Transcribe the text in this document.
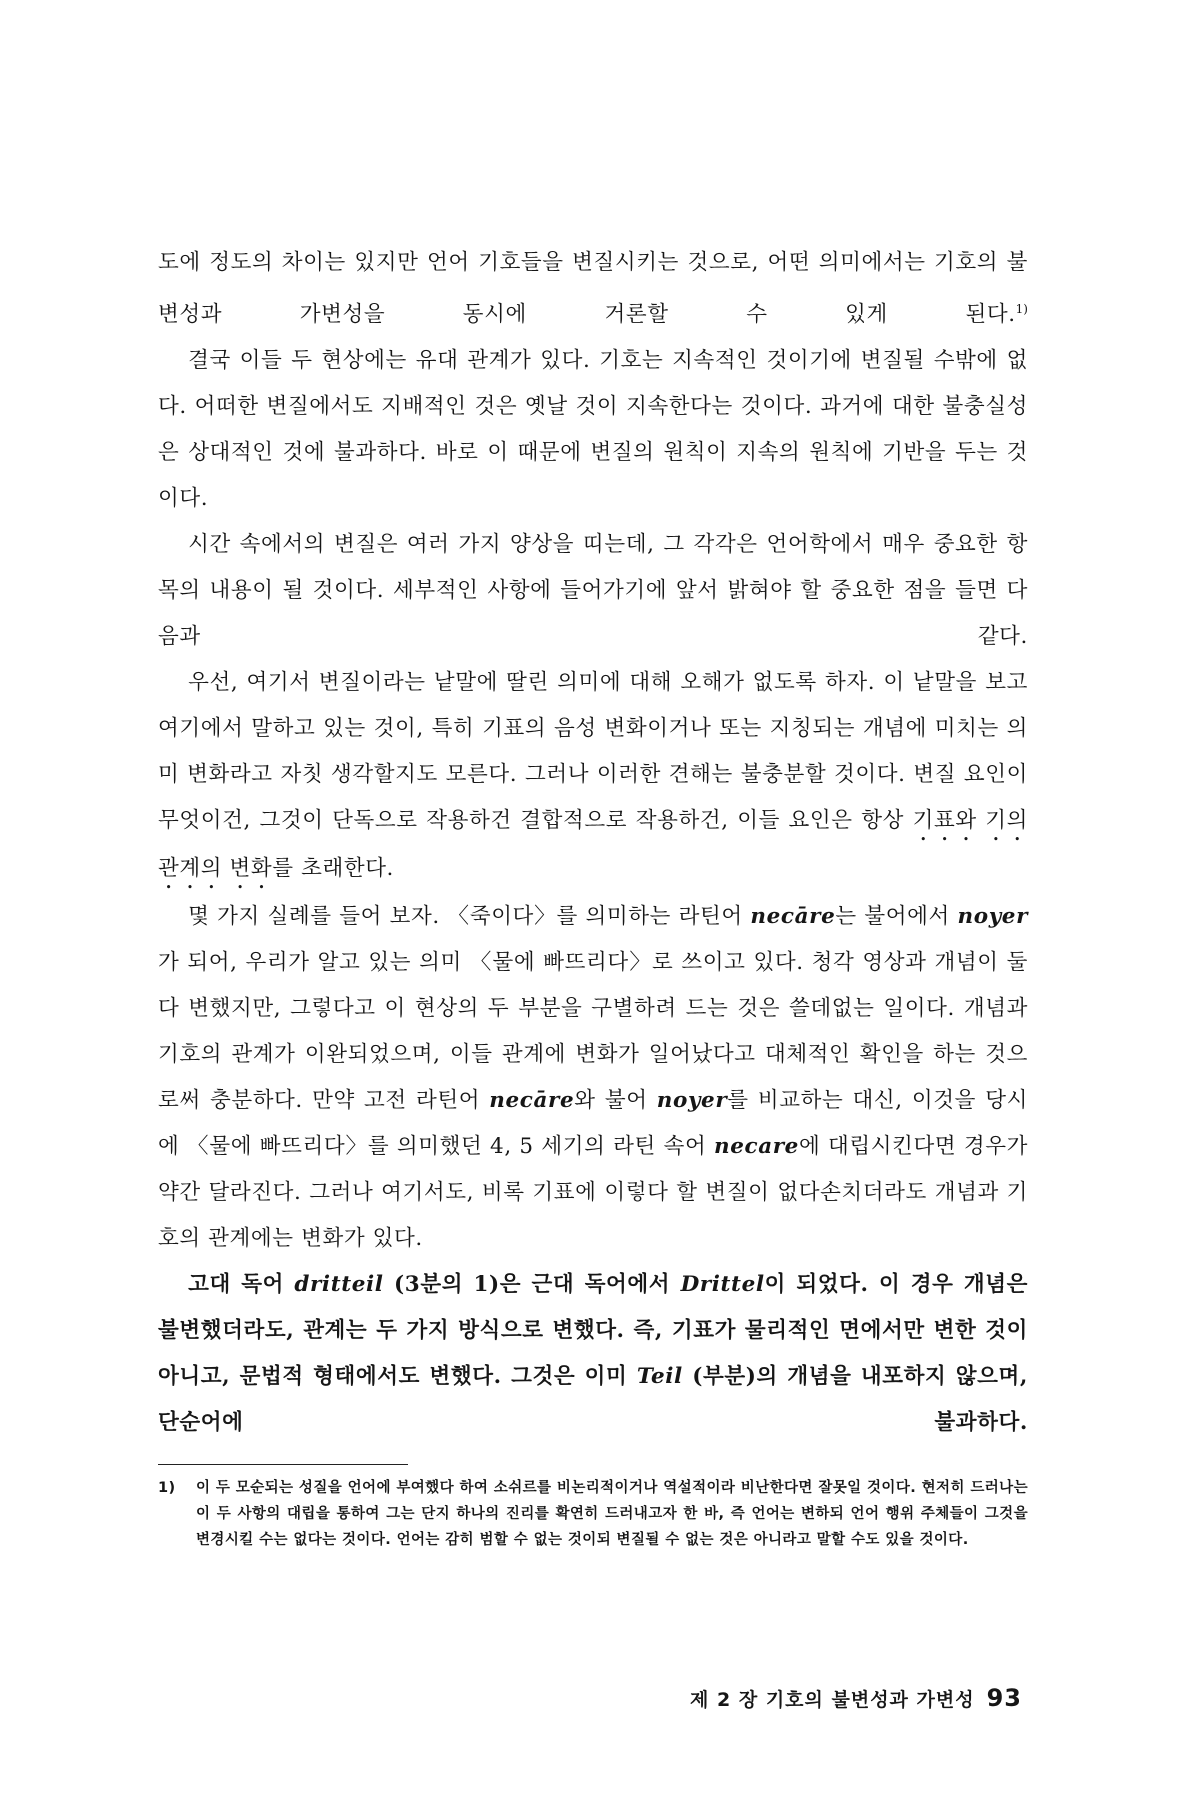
도에 정도의 차이는 있지만 언어 기호들을 변질시키는 것으로, 어떤 의미에서는 기호의 불변성과 가변성을 동시에 거론할 수 있게 된다.$^{1)}$

결국 이들 두 현상에는 유대 관계가 있다. 기호는 지속적인 것이기에 변질될 수밖에 없다. 어떠한 변질에서도 지배적인 것은 옛날 것이 지속한다는 것이다. 과거에 대한 불충실성은 상대적인 것에 불과하다. 바로 이 때문에 변질의 원칙이 지속의 원칙에 기반을 두는 것이다.

시간 속에서의 변질은 여러 가지 양상을 띠는데, 그 각각은 언어학에서 매우 중요한 항목의 내용이 될 것이다. 세부적인 사항에 들어가기에 앞서 밝혀야 할 중요한 점을 들면 다음과 같다.

우선, 여기서 변질이라는 낱말에 딸린 의미에 대해 오해가 없도록 하자. 이 낱말을 보고 여기에서 말하고 있는 것이, 특히 기표의 음성 변화이거나 또는 지칭되는 개념에 미치는 의미 변화라고 자칫 생각할지도 모른다. 그러나 이러한 견해는 불충분할 것이다. 변질 요인이 무엇이건, 그것이 단독으로 작용하건 결합적으로 작용하건, 이들 요인은 항상 기표와 기의 관계의 변화를 초래한다.

몇 가지 실례를 들어 보자. 〈죽이다〉를 의미하는 라틴어 necāre는 불어에서 noyer가 되어, 우리가 알고 있는 의미 〈물에 빠뜨리다〉로 쓰이고 있다. 청각 영상과 개념이 둘 다 변했지만, 그렇다고 이 현상의 두 부분을 구별하려 드는 것은 쓸데없는 일이다. 개념과 기호의 관계가 이완되었으며, 이들 관계에 변화가 일어났다고 대체적인 확인을 하는 것으로써 충분하다. 만약 고전 라틴어 necāre와 불어 noyer를 비교하는 대신, 이것을 당시에 〈물에 빠뜨리다〉를 의미했던 4, 5 세기의 라틴 속어 necare에 대립시킨다면 경우가 약간 달라진다. 그러나 여기서도, 비록 기표에 이렇다 할 변질이 없다손치더라도 개념과 기호의 관계에는 변화가 있다.

고대 독어 dritteil (3분의 1)은 근대 독어에서 Drittel이 되었다. 이 경우 개념은 불변했더라도, 관계는 두 가지 방식으로 변했다. 즉, 기표가 물리적인 면에서만 변한 것이 아니고, 문법적 형태에서도 변했다. 그것은 이미 Teil (부분)의 개념을 내포하지 않으며, 단순어에 불과하다.

1) 이 두 모순되는 성질을 언어에 부여했다 하여 소쉬르를 비논리적이거나 역설적이라 비난한다면 잘못일 것이다. 현저히 드러나는 이 두 사항의 대립을 통하여 그는 단지 하나의 진리를 확연히 드러내고자 한 바, 즉 언어는 변하되 언어 행위 주체들이 그것을 변경시킬 수는 없다는 것이다. 언어는 감히 범할 수 없는 것이되 변질될 수 없는 것은 아니라고 말할 수도 있을 것이다.
제 2 장 기호의 불변성과 가변성 93
